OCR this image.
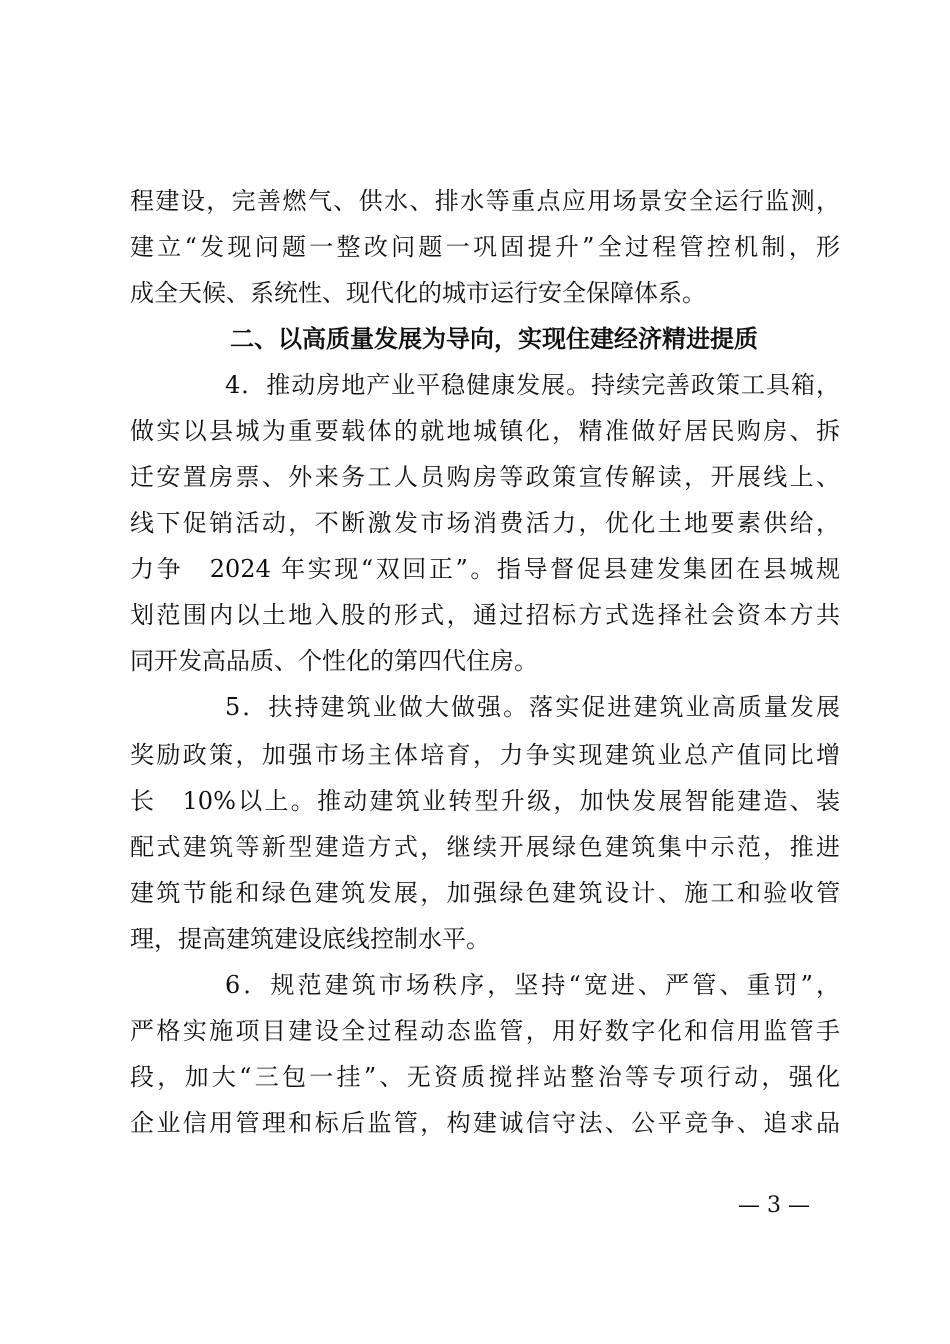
程建设，完善燃气、供水、排水等重点应用场景安全运行监测，
建立“发现问题一整改问题一巩固提升”全过程管控机制，形
成全天候、系统性、现代化的城市运行安全保障体系。
二、以高质量发展为导向，实现住建经济精进提质
4．推动房地产业平稳健康发展。持续完善政策工具箱，
做实以县城为重要载体的就地城镇化，精准做好居民购房、拆
迁安置房票、外来务工人员购房等政策宣传解读，开展线上、
线下促销活动，不断激发市场消费活力，优化土地要素供给，
力争　2024 年实现“双回正”。指导督促县建发集团在县城规
划范围内以土地入股的形式，通过招标方式选择社会资本方共
同开发高品质、个性化的第四代住房。
5．扶持建筑业做大做强。落实促进建筑业高质量发展
奖励政策，加强市场主体培育，力争实现建筑业总产值同比增
长　10%以上。推动建筑业转型升级，加快发展智能建造、装
配式建筑等新型建造方式，继续开展绿色建筑集中示范，推进
建筑节能和绿色建筑发展，加强绿色建筑设计、施工和验收管
理，提高建筑建设底线控制水平。
6．规范建筑市场秩序，坚持“宽进、严管、重罚”，
严格实施项目建设全过程动态监管，用好数字化和信用监管手
段，加大“三包一挂”、无资质搅拌站整治等专项行动，强化
企业信用管理和标后监管，构建诚信守法、公平竞争、追求品
— 3 —
